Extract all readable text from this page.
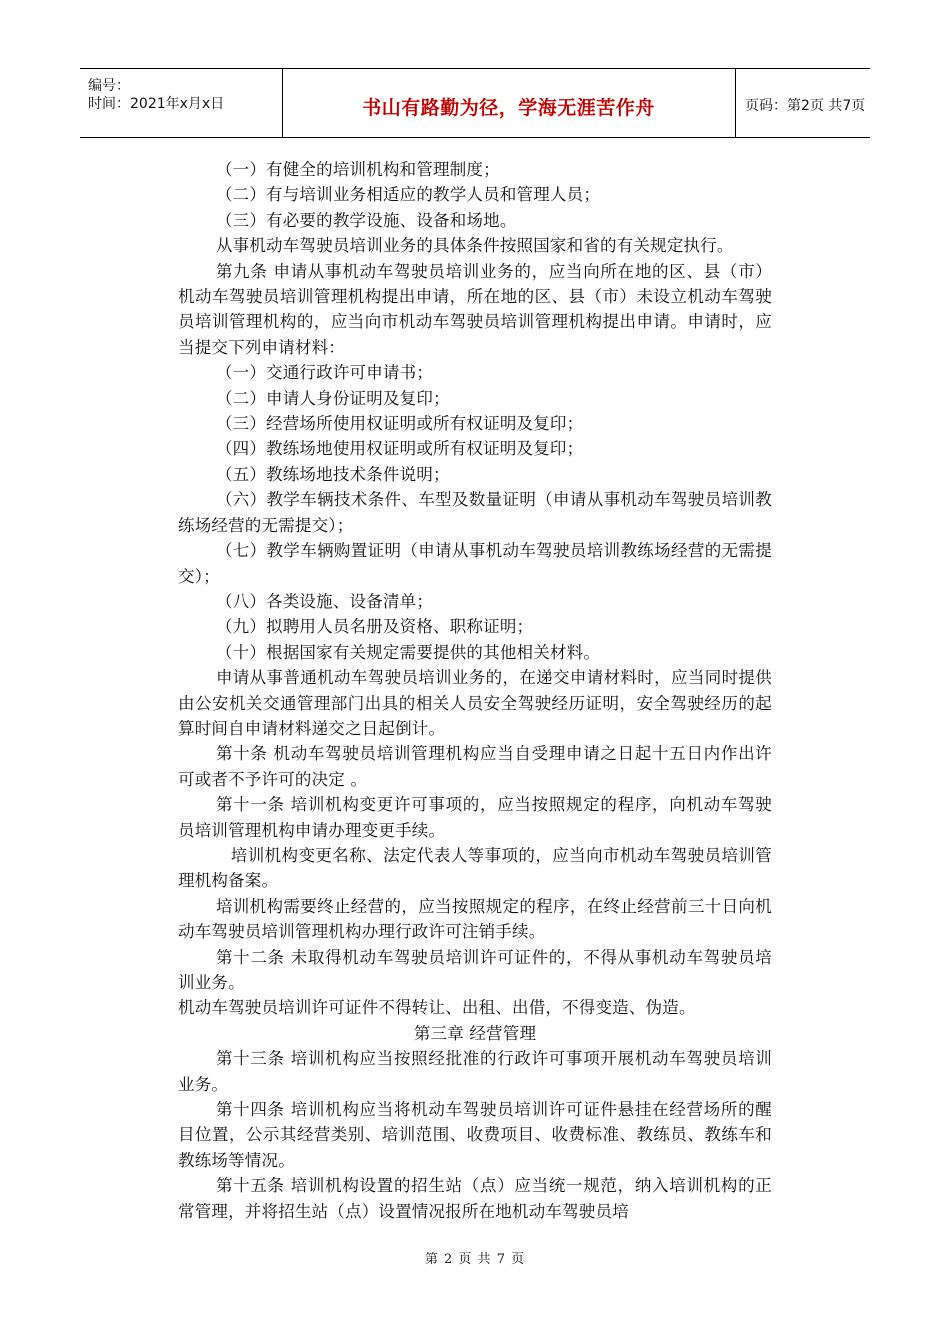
编号：
时间：2021年x月x日	书山有路勤为径，学海无涯苦作舟	页码：第2页 共7页

（一）有健全的培训机构和管理制度；

（二）有与培训业务相适应的教学人员和管理人员；

（三）有必要的教学设施、设备和场地。

从事机动车驾驶员培训业务的具体条件按照国家和省的有关规定执行。

第九条 申请从事机动车驾驶员培训业务的，应当向所在地的区、县（市）机动车驾驶员培训管理机构提出申请，所在地的区、县（市）未设立机动车驾驶员培训管理机构的，应当向市机动车驾驶员培训管理机构提出申请。申请时，应当提交下列申请材料：

（一）交通行政许可申请书；

（二）申请人身份证明及复印；

（三）经营场所使用权证明或所有权证明及复印；

（四）教练场地使用权证明或所有权证明及复印；

（五）教练场地技术条件说明；

（六）教学车辆技术条件、车型及数量证明（申请从事机动车驾驶员培训教练场经营的无需提交）；

（七）教学车辆购置证明（申请从事机动车驾驶员培训教练场经营的无需提交）；

（八）各类设施、设备清单；

（九）拟聘用人员名册及资格、职称证明；

（十）根据国家有关规定需要提供的其他相关材料。

申请从事普通机动车驾驶员培训业务的，在递交申请材料时，应当同时提供由公安机关交通管理部门出具的相关人员安全驾驶经历证明，安全驾驶经历的起算时间自申请材料递交之日起倒计。

第十条 机动车驾驶员培训管理机构应当自受理申请之日起十五日内作出许可或者不予许可的决定 。

第十一条 培训机构变更许可事项的，应当按照规定的程序，向机动车驾驶员培训管理机构申请办理变更手续。

培训机构变更名称、法定代表人等事项的，应当向市机动车驾驶员培训管理机构备案。

培训机构需要终止经营的，应当按照规定的程序，在终止经营前三十日向机动车驾驶员培训管理机构办理行政许可注销手续。

第十二条 未取得机动车驾驶员培训许可证件的，不得从事机动车驾驶员培训业务。

机动车驾驶员培训许可证件不得转让、出租、出借，不得变造、伪造。

第三章 经营管理

第十三条 培训机构应当按照经批准的行政许可事项开展机动车驾驶员培训业务。

第十四条 培训机构应当将机动车驾驶员培训许可证件悬挂在经营场所的醒目位置，公示其经营类别、培训范围、收费项目、收费标准、教练员、教练车和教练场等情况。

第十五条 培训机构设置的招生站（点）应当统一规范，纳入培训机构的正常管理，并将招生站（点）设置情况报所在地机动车驾驶员培

第 2 页 共 7 页
